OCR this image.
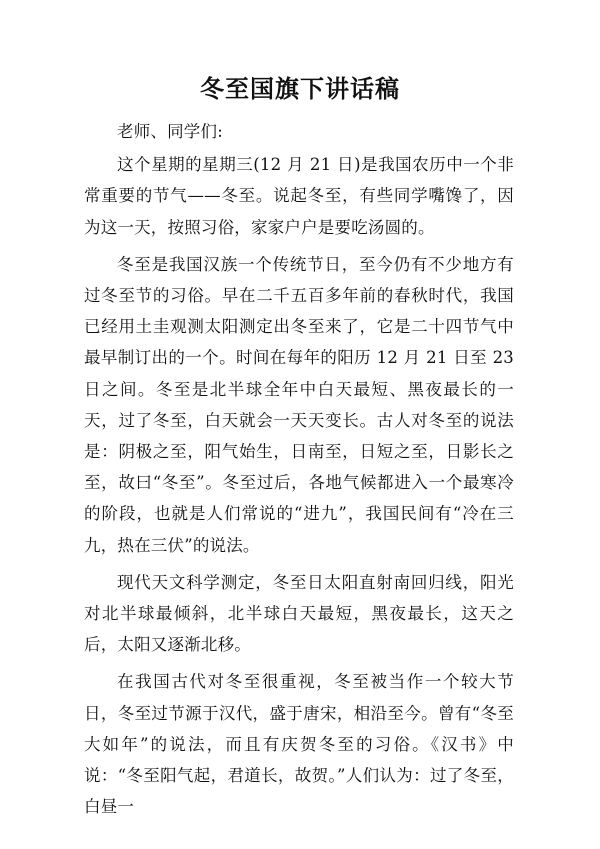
冬至国旗下讲话稿

老师、同学们:

这个星期的星期三(12 月 21 日)是我国农历中一个非常重要的节气——冬至。说起冬至，有些同学嘴馋了，因为这一天，按照习俗，家家户户是要吃汤圆的。

冬至是我国汉族一个传统节日，至今仍有不少地方有过冬至节的习俗。早在二千五百多年前的春秋时代，我国已经用土圭观测太阳测定出冬至来了，它是二十四节气中最早制订出的一个。时间在每年的阳历 12 月 21 日至 23 日之间。冬至是北半球全年中白天最短、黑夜最长的一天，过了冬至，白天就会一天天变长。古人对冬至的说法是：阴极之至，阳气始生，日南至，日短之至，日影长之至，故曰“冬至”。冬至过后，各地气候都进入一个最寒冷的阶段，也就是人们常说的“进九”，我国民间有“冷在三九，热在三伏”的说法。

现代天文科学测定，冬至日太阳直射南回归线，阳光对北半球最倾斜，北半球白天最短，黑夜最长，这天之后，太阳又逐渐北移。

在我国古代对冬至很重视，冬至被当作一个较大节日，冬至过节源于汉代，盛于唐宋，相沿至今。曾有“冬至大如年”的说法，而且有庆贺冬至的习俗。《汉书》中说：“冬至阳气起，君道长，故贺。”人们认为：过了冬至，白昼一
